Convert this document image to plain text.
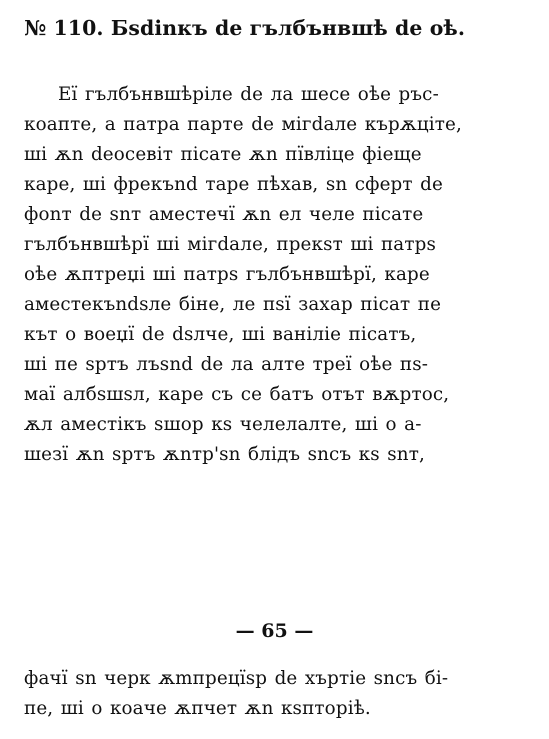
№ 110. Бѕdinкъ de гълбънвшѣ de оѣ.
Еї гълбънвшѣріле de ла шесе оѣе ръс-
коапте, а патра парте de мігdале кърѫціте,
ші ѫn deосевіт пісате ѫn пївліце фіеще
каре, ші фрекъnd таре пѣхав, ѕn сферт de
фоnт de ѕnт аместечї ѫn ел челе пісате
гълбънвшѣрї ші мігdале, прекѕт ші патрѕ
оѣе ѫптреџі ші патрѕ гълбънвшѣрї, каре
аместекъndѕле біне, ле пѕї захар пісат пе
кът о воеџї de dѕлче, ші ваніліе пісатъ,
ші пе ѕртъ лъѕnd de ла алте треї оѣе пѕ-
маї албѕшѕл, каре съ се батъ отът вѫртос,
ѫл аместікъ ѕшор кѕ челелалте, ші о а-
шезї ѫn ѕртъ ѫnтр'ѕn блідъ ѕnсъ кѕ ѕnт,
— 65 —
фачї ѕn черк ѫmпрецїѕр de хъртіе ѕnсъ бі-
пе, ші о коаче ѫпчет ѫn кѕпторіѣ.
